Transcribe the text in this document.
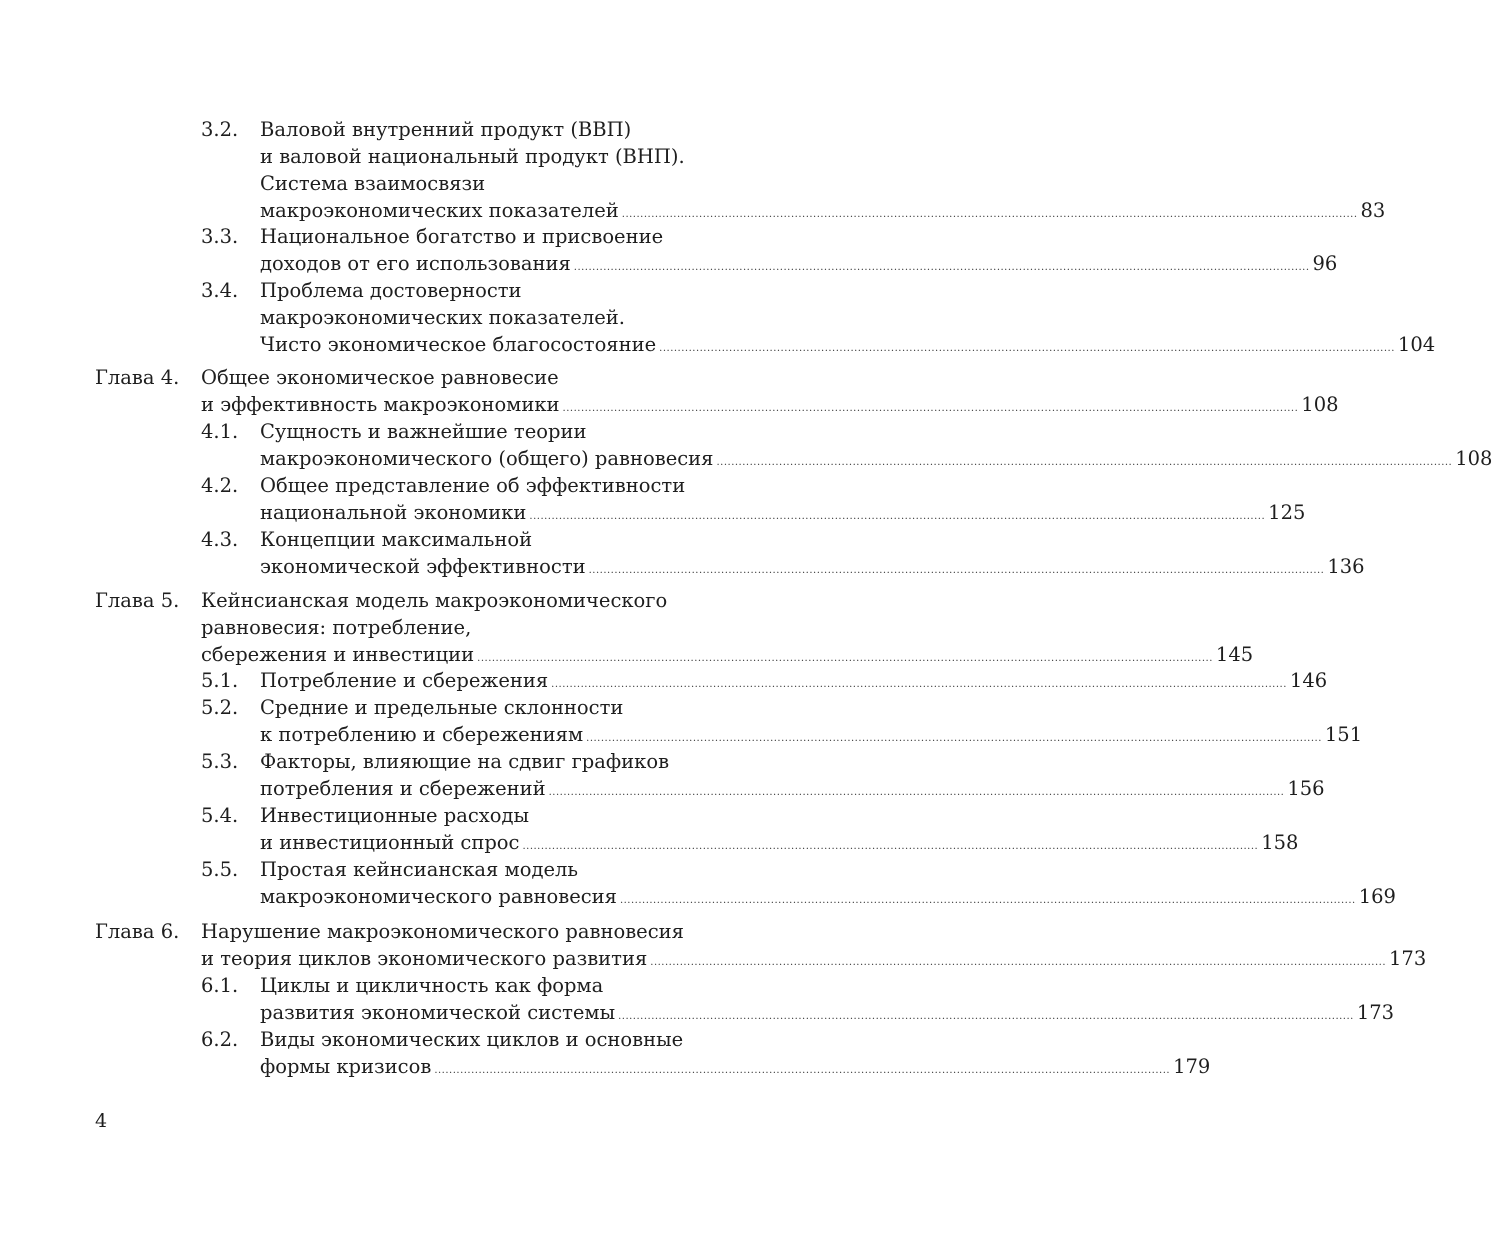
3.2. Валовой внутренний продукт (ВВП)
и валовой национальный продукт (ВНП).
Система взаимосвязи
макроэкономических показателей ........................................................................................................................................................................................................ 83
3.3. Национальное богатство и присвоение
доходов от его использования ........................................................................................................................................................................................................ 96
3.4. Проблема достоверности
макроэкономических показателей.
Чисто экономическое благосостояние ........................................................................................................................................................................................................ 104
Глава 4. Общее экономическое равновесие
и эффективность макроэкономики ........................................................................................................................................................................................................ 108
4.1. Сущность и важнейшие теории
макроэкономического (общего) равновесия ........................................................................................................................................................................................................ 108
4.2. Общее представление об эффективности
национальной экономики ........................................................................................................................................................................................................ 125
4.3. Концепции максимальной
экономической эффективности ........................................................................................................................................................................................................ 136
Глава 5. Кейнсианская модель макроэкономического
равновесия: потребление,
сбережения и инвестиции ........................................................................................................................................................................................................ 145
5.1. Потребление и сбережения ........................................................................................................................................................................................................ 146
5.2. Средние и предельные склонности
к потреблению и сбережениям ........................................................................................................................................................................................................ 151
5.3. Факторы, влияющие на сдвиг графиков
потребления и сбережений ........................................................................................................................................................................................................ 156
5.4. Инвестиционные расходы
и инвестиционный спрос ........................................................................................................................................................................................................ 158
5.5. Простая кейнсианская модель
макроэкономического равновесия ........................................................................................................................................................................................................ 169
Глава 6. Нарушение макроэкономического равновесия
и теория циклов экономического развития ........................................................................................................................................................................................................ 173
6.1. Циклы и цикличность как форма
развития экономической системы ........................................................................................................................................................................................................ 173
6.2. Виды экономических циклов и основные
формы кризисов ........................................................................................................................................................................................................ 179
4
